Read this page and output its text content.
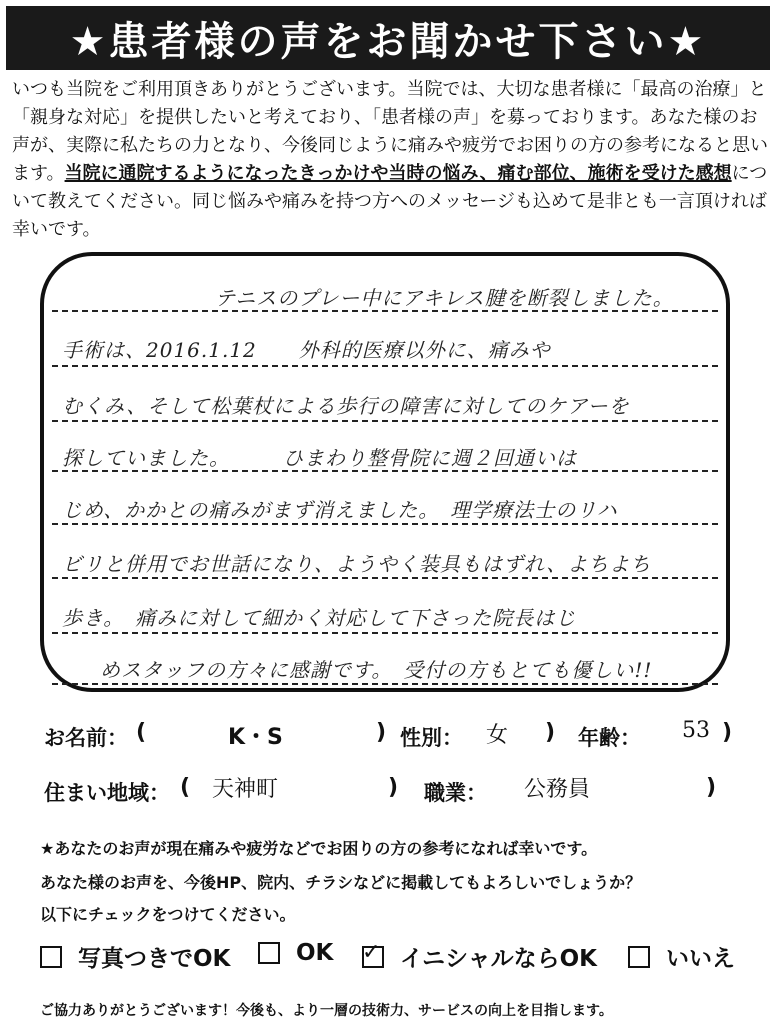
★患者様の声をお聞かせ下さい★

いつも当院をご利用頂きありがとうございます。当院では、大切な患者様に「最高の治療」と「親身な対応」を提供したいと考えており、「患者様の声」を募っております。あなた様のお声が、実際に私たちの力となり、今後同じように痛みや疲労でお困りの方の参考になると思います。当院に通院するようになったきっかけや当時の悩み、痛む部位、施術を受けた感想について教えてください。同じ悩みや痛みを持つ方へのメッセージも込めて是非とも一言頂ければ幸いです。

テニスのプレー中にアキレス腱を断裂しました。
手術は、2016.1.12　　外科的医療以外に、痛みや
むくみ、そして松葉杖による歩行の障害に対してのケアーを
探していました。　　　ひまわり整骨院に週２回通いは
じめ、かかとの痛みがまず消えました。　理学療法士のリハ
ビリと併用でお世話になり、ようやく装具もはずれ、よちよち
歩き。　痛みに対して細かく対応して下さった院長はじ
めスタッフの方々に感謝です。　受付の方もとても優しい!!
お名前： (	K・S	) 性別： 女 ) 年齢： 53 )
住まい地域： ( 天神町	) 職業： 公務員	)
★あなたのお声が現在痛みや疲労などでお困りの方の参考になれば幸いです。
あなた様のお声を、今後HP、院内、チラシなどに掲載してもよろしいでしょうか？
以下にチェックをつけてください。
写真つきでOK	OK ✓ イニシャルならOK	いいえ
ご協力ありがとうございます！今後も、より一層の技術力、サービスの向上を目指します。
